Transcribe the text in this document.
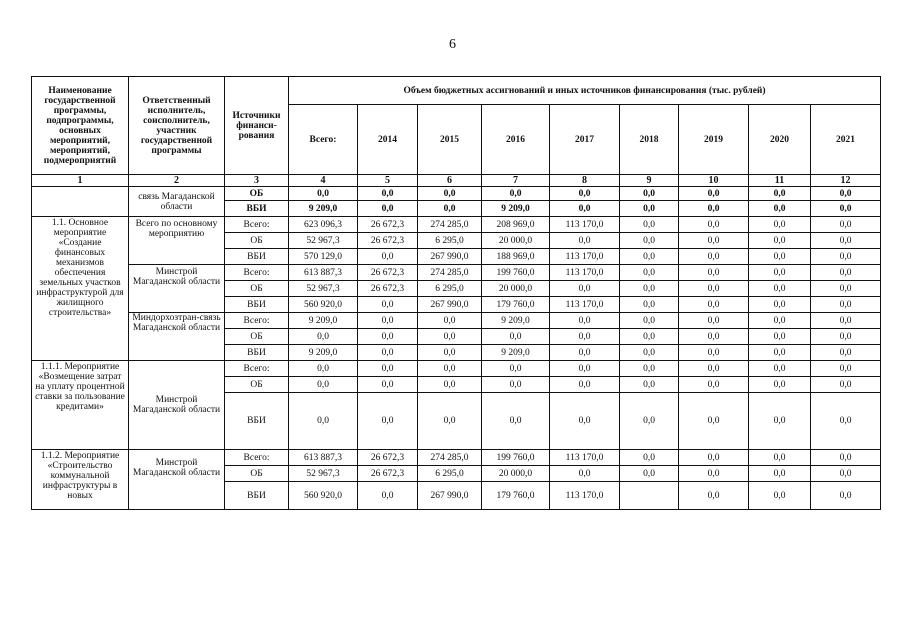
6
Наименование государственной программы, подпрограммы, основных мероприятий, мероприятий, подмероприятий	Ответственный исполнитель, соисполнитель, участник государственной программы	Источники финанси-рования	Объем бюджетных ассигнований и иных источников финансирования (тыс. рублей)								
			Всего:	2014	2015	2016	2017	2018	2019	2020	2021
1	2	3	4	5	6	7	8	9	10	11	12
	связь Магаданской области	ОБ	0,0	0,0	0,0	0,0	0,0	0,0	0,0	0,0	0,0
		ВБИ	9 209,0	0,0	0,0	9 209,0	0,0	0,0	0,0	0,0	0,0
1.1. Основное мероприятие «Создание финансовых механизмов обеспечения земельных участков инфраструктурой для жилищного строительства»	Всего по основному мероприятию	Всего:	623 096,3	26 672,3	274 285,0	208 969,0	113 170,0	0,0	0,0	0,0	0,0
		ОБ	52 967,3	26 672,3	6 295,0	20 000,0	0,0	0,0	0,0	0,0	0,0
		ВБИ	570 129,0	0,0	267 990,0	188 969,0	113 170,0	0,0	0,0	0,0	0,0
	Минстрой Магаданской области	Всего:	613 887,3	26 672,3	274 285,0	199 760,0	113 170,0	0,0	0,0	0,0	0,0
		ОБ	52 967,3	26 672,3	6 295,0	20 000,0	0,0	0,0	0,0	0,0	0,0
		ВБИ	560 920,0	0,0	267 990,0	179 760,0	113 170,0	0,0	0,0	0,0	0,0
	Миндорхозтран-связь Магаданской области	Всего:	9 209,0	0,0	0,0	9 209,0	0,0	0,0	0,0	0,0	0,0
		ОБ	0,0	0,0	0,0	0,0	0,0	0,0	0,0	0,0	0,0
		ВБИ	9 209,0	0,0	0,0	9 209,0	0,0	0,0	0,0	0,0	0,0
1.1.1. Мероприятие «Возмещение затрат на уплату процентной ставки за пользование кредитами»	Минстрой Магаданской области	Всего:	0,0	0,0	0,0	0,0	0,0	0,0	0,0	0,0	0,0
		ОБ	0,0	0,0	0,0	0,0	0,0	0,0	0,0	0,0	0,0
		ВБИ	0,0	0,0	0,0	0,0	0,0	0,0	0,0	0,0	0,0
1.1.2. Мероприятие «Строительство коммунальной инфраструктуры в новых	Минстрой Магаданской области	Всего:	613 887,3	26 672,3	274 285,0	199 760,0	113 170,0	0,0	0,0	0,0	0,0
		ОБ	52 967,3	26 672,3	6 295,0	20 000,0	0,0	0,0	0,0	0,0	0,0
		ВБИ	560 920,0	0,0	267 990,0	179 760,0	113 170,0		0,0	0,0	0,0
